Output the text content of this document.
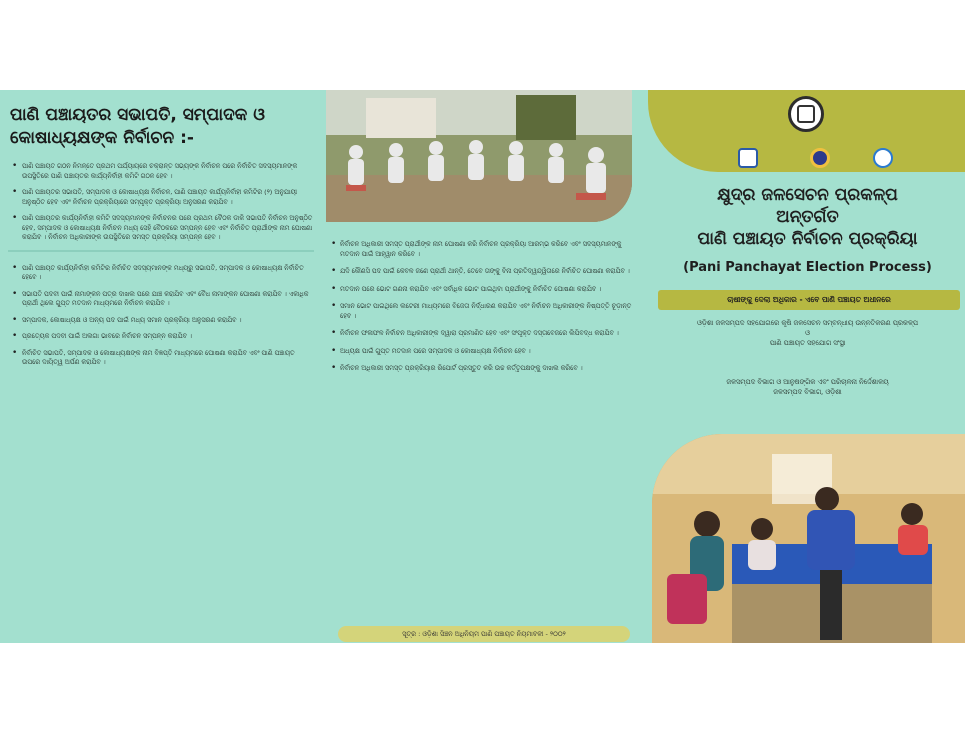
ପାଣି ପଞ୍ଚାୟତର ସଭାପତି, ସମ୍ପାଦକ ଓ କୋଷାଧ୍ୟକ୍ଷଙ୍କ ନିର୍ବାଚନ :-
• ପାଣି ପଞ୍ଚାୟତ ଗଠନ ନିମନ୍ତେ ପ୍ରଥମ ପର୍ଯ୍ୟାୟରେ ଚକ୍ରାନ୍ତ ସଭ୍ୟଙ୍କ ନିର୍ବାଚନ ପରେ ନିର୍ବାଚିତ ସଦସ୍ୟମାନଙ୍କ ଉପସ୍ଥିତିରେ ପାଣି ପଞ୍ଚାୟତର କାର୍ଯ୍ୟନିର୍ବାହୀ କମିଟି ଗଠନ ହେବ ।
• ପାଣି ପଞ୍ଚାୟତର ସଭାପତି, ସମ୍ପାଦକ ଓ କୋଷାଧ୍ୟକ୍ଷ ନିର୍ବାଚନ, ପାଣି ପଞ୍ଚାୟତ କାର୍ଯ୍ୟନିର୍ବାହୀ କମିଟିର (୨) ଅନୁଯାୟୀ ଅନୁଷ୍ଠିତ ହେବ ଏବଂ ନିର୍ବାଚନ ପ୍ରକ୍ରିୟାରେ ସମ୍ପୃକ୍ତ ପ୍ରକ୍ରିୟା ଅନୁସରଣ କରାଯିବ ।
• ପାଣି ପଞ୍ଚାୟତର କାର୍ଯ୍ୟନିର୍ବାହୀ କମିଟି ସଦସ୍ୟମାନଙ୍କ ନିର୍ବାଚନର ପରେ ପ୍ରଥମ ବୈଠକ ଡାକି ସଭାପତି ନିର୍ବାଚନ ଅନୁଷ୍ଠିତ ହେବ, ସମ୍ପାଦକ ଓ କୋଷାଧ୍ୟକ୍ଷ ନିର୍ବାଚନ ମଧ୍ୟ ସେହି ବୈଠକରେ ସମ୍ପନ୍ନ ହେବ ଏବଂ ନିର୍ବାଚିତ ପ୍ରାର୍ଥୀଙ୍କ ନାମ ଘୋଷଣା କରାଯିବ । ନିର୍ବାଚନ ଅଧିକାରୀଙ୍କ ଉପସ୍ଥିତିରେ ସମସ୍ତ ପ୍ରକ୍ରିୟା ସମ୍ପନ୍ନ ହେବ ।
• ପାଣି ପଞ୍ଚାୟତ କାର୍ଯ୍ୟନିର୍ବାହୀ କମିଟିର ନିର୍ବାଚିତ ସଦସ୍ୟମାନଙ୍କ ମଧ୍ୟରୁ ସଭାପତି, ସମ୍ପାଦକ ଓ କୋଷାଧ୍ୟକ୍ଷ ନିର୍ବାଚିତ ହେବେ ।
• ସଭାପତି ପଦବୀ ପାଇଁ ନାମାଙ୍କନ ପତ୍ର ଦାଖଲ ପରେ ଯାଞ୍ଚ କରାଯିବ ଏବଂ ବୈଧ ନାମାଙ୍କନ ଘୋଷଣା କରାଯିବ । ଏକାଧିକ ପ୍ରାର୍ଥୀ ଥିଲେ ଗୁପ୍ତ ମତଦାନ ମାଧ୍ୟମରେ ନିର୍ବାଚନ କରାଯିବ ।
• ସମ୍ପାଦକ, କୋଷାଧ୍ୟକ୍ଷ ଓ ଅନ୍ୟ ପଦ ପାଇଁ ମଧ୍ୟ ସମାନ ପ୍ରକ୍ରିୟା ଅନୁସରଣ କରାଯିବ ।
• ପ୍ରତ୍ୟେକ ପଦବୀ ପାଇଁ ଅଲଗା ଭାବରେ ନିର୍ବାଚନ ସମ୍ପନ୍ନ କରାଯିବ ।
• ନିର୍ବାଚିତ ସଭାପତି, ସମ୍ପାଦକ ଓ କୋଷାଧ୍ୟକ୍ଷଙ୍କ ନାମ ବିଜ୍ଞପ୍ତି ମାଧ୍ୟମରେ ଘୋଷଣା କରାଯିବ ଏବଂ ପାଣି ପଞ୍ଚାୟତ ଉପରେ ଦାୟିତ୍ୱ ଅର୍ପଣ କରାଯିବ ।
• ନିର୍ବାଚନ ଅଧିକାରୀ ସମସ୍ତ ପ୍ରାର୍ଥୀଙ୍କ ନାମ ଘୋଷଣା କରି ନିର୍ବାଚନ ପ୍ରକ୍ରିୟା ଆରମ୍ଭ କରିବେ ଏବଂ ସଦସ୍ୟମାନଙ୍କୁ ମତଦାନ ପାଇଁ ଆହ୍ୱାନ କରିବେ ।
• ଯଦି କୌଣସି ପଦ ପାଇଁ କେବଳ ଜଣେ ପ୍ରାର୍ଥୀ ଥାନ୍ତି, ତେବେ ତାଙ୍କୁ ବିନା ପ୍ରତିଦ୍ୱନ୍ଦ୍ୱିତାରେ ନିର୍ବାଚିତ ଘୋଷଣା କରାଯିବ ।
• ମତଦାନ ପରେ ଭୋଟ ଗଣନା କରାଯିବ ଏବଂ ସର୍ବାଧିକ ଭୋଟ ପାଇଥିବା ପ୍ରାର୍ଥୀଙ୍କୁ ନିର୍ବାଚିତ ଘୋଷଣା କରାଯିବ ।
• ସମାନ ଭୋଟ ପାଇଥିଲେ ଲଟେରୀ ମାଧ୍ୟମରେ ବିଜେତା ନିର୍ଦ୍ଧାରଣ କରାଯିବ ଏବଂ ନିର୍ବାଚନ ଅଧିକାରୀଙ୍କ ନିଷ୍ପତ୍ତି ଚୂଡ଼ାନ୍ତ ହେବ ।
• ନିର୍ବାଚନ ଫଳାଫଳ ନିର୍ବାଚନ ଅଧିକାରୀଙ୍କ ଦ୍ୱାରା ପ୍ରମାଣିତ ହେବ ଏବଂ ସଂପୃକ୍ତ ଦସ୍ତାବେଜରେ ଲିପିବଦ୍ଧ କରାଯିବ ।
• ଅଧ୍ୟକ୍ଷ ପାଇଁ ଗୁପ୍ତ ମତଦାନ ପରେ ସମ୍ପାଦକ ଓ କୋଷାଧ୍ୟକ୍ଷ ନିର୍ବାଚନ ହେବ ।
• ନିର୍ବାଚନ ଅଧିକାରୀ ସମସ୍ତ ପ୍ରକ୍ରିୟାର ରିପୋର୍ଟ ପ୍ରସ୍ତୁତ କରି ଉଚ୍ଚ କର୍ତ୍ତୃପକ୍ଷଙ୍କୁ ଦାଖଲ କରିବେ ।
ସୂତ୍ର : ଓଡ଼ିଶା ସିଞ୍ଚନ ଅଧିନିୟମ ପାଣି ପଞ୍ଚାୟତ ନିୟମାବଳୀ - ୨୦୦୨
କ୍ଷୁଦ୍ର ଜଳସେଚନ ପ୍ରକଳ୍ପ
ଅନ୍ତର୍ଗତ
ପାଣି ପଞ୍ଚାୟତ ନିର୍ବାଚନ ପ୍ରକ୍ରିୟା
(Pani Panchayat Election Process)
ଚାଷୀଙ୍କୁ ଦେଲା ଅଧିକାର - ଏବେ ପାଣି ପଞ୍ଚାୟତ ଅଧୀନରେ
ଓଡ଼ିଶା ଜଳସମ୍ପଦ ସହଯୋଗରେ କୃଷି ଜଳସେଚନ ସମ୍ବନ୍ଧୀୟ ଉନ୍ନତିକରଣ ପ୍ରକଳ୍ପ
ଓ
ପାଣି ପଞ୍ଚାୟତ ସହଯୋଗ ସଂସ୍ଥା
ଜଳସମ୍ପଦ ବିଭାଗ ଓ ଆନୁଷଙ୍ଗିକ ଏବଂ ପରିଚାଳନା ନିର୍ଦ୍ଦେଶାଳୟ
ଜଳସମ୍ପଦ ବିଭାଗ, ଓଡ଼ିଶା
